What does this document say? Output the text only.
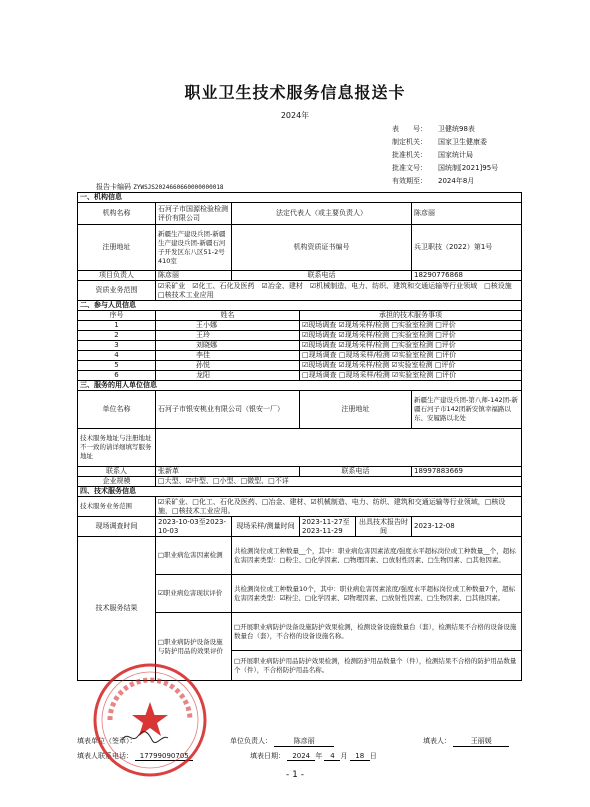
职业卫生技术服务信息报送卡
2024年
表　　号： 卫健统98表
制定机关： 国家卫生健康委
批准机关： 国家统计局
批准文号： 国统制[2021]95号
有效期至： 2024年8月
报告卡编码 ZYWSJS2024660660000000018
一、机构信息					
机构名称	石河子市国源检验检测评价有限公司	法定代表人（或主要负责人）			陈彦丽
注册地址	新疆生产建设兵团-新疆生产建设兵团-新疆石河子开发区东八区51-2号410室	机构资质证书编号			兵卫职技（2022）第1号
项目负责人	陈彦丽	联系电话			18290776868
资质业务范围	☑采矿业　☑化工、石化及医药　☑冶金、建材　☑机械制造、电力、纺织、建筑和交通运输等行业领域　□核设施　□核技术工业应用				
二、参与人员信息					
序号	姓名		承担的技术服务事项		
1	王小娜		☑现场调查 ☑现场采样/检测 □实验室检测 □评价		
2	王玲		☑现场调查 ☑现场采样/检测 □实验室检测 □评价		
3	刘晓娜		☑现场调查 ☑现场采样/检测 □实验室检测 □评价		
4	李佳		□现场调查 □现场采样/检测 ☑实验室检测 □评价		
5	孙悦		☑现场调查 ☑现场采样/检测 ☑实验室检测 □评价		
6	龙阳		□现场调查 □现场采样/检测 ☑实验室检测 □评价		
三、服务的用人单位信息					
单位名称	石河子市银安桃业有限公司（银安一厂）		注册地址		新疆生产建设兵团-第八师-142团-新疆石河子市142团新安镇幸福路以东、安履路以北处
技术服务地址与注册地址不一致的请详细填写服务地址					
联系人	张新革		联系电话		18997883669
企业规模	□大型、☑中型、□小型、□微型、□不详				
四、技术服务信息					
技术服务业务范围	☑采矿业、□化工、石化及医药、□冶金、建材、☑机械制造、电力、纺织、建筑和交通运输等行业领域，□核设施，□核技术工业应用。				
现场调查时间	2023-10-03至2023-10-03	现场采样/测量时间	2023-11-27至2023-11-29	出具技术报告时间	2023-12-08
技术服务结果	□职业病危害因素检测	共检测岗位或工种数量__个，其中：职业病危害因素浓度/强度水平超标岗位或工种数量__个，超标危害因素类型：□粉尘、□化学因素、□物理因素、□放射性因素、□生物因素、□其他因素。			
	☑职业病危害现状评价	共检测岗位或工种数量10个，其中：职业病危害因素浓度/强度水平超标岗位或工种数量7个，超标危害因素类型：☑粉尘、□化学因素、☑物理因素、□放射性因素、□生物因素、□其他因素。			
	□职业病防护设备设施与防护用品的效果评价	□开展职业病防护设备设施防护效果检测，检测设备设施数量台（套），检测结果不合格的设备设施数量台（套），不合格的设备设施名称。			
		□开展职业病防护用品防护效果检测，检测防护用品数量个（件），检测结果不合格的防护用品数量个（件），不合格防护用品名称。			
填表单位（签章）：	单位负责人：	陈彦丽	填表人：	王丽媛
填表人联系电话： 17799090705	填表日期： 2024 年 4 月 18 日
- 1 -
